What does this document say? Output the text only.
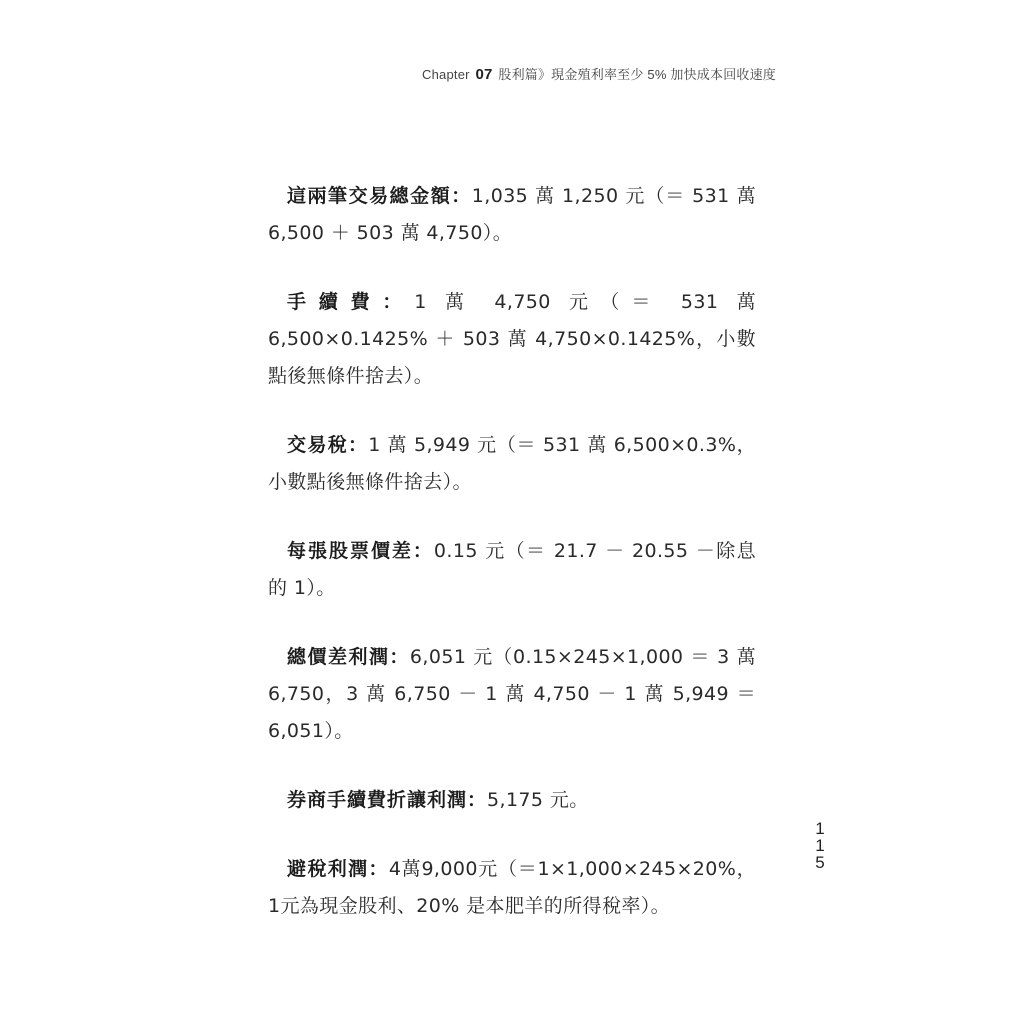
Chapter 07 股利篇》現金殖利率至少 5% 加快成本回收速度

這兩筆交易總金額：1,035 萬 1,250 元（＝ 531 萬 6,500 ＋ 503 萬 4,750）。

手續費：1 萬 4,750 元（＝ 531 萬 6,500×0.1425% ＋ 503 萬 4,750×0.1425%，小數點後無條件捨去）。

交易稅：1 萬 5,949 元（＝ 531 萬 6,500×0.3%，小數點後無條件捨去）。

每張股票價差：0.15 元（＝ 21.7 － 20.55 －除息的 1）。

總價差利潤：6,051 元（0.15×245×1,000 ＝ 3 萬 6,750，3 萬 6,750 － 1 萬 4,750 － 1 萬 5,949 ＝ 6,051）。

券商手續費折讓利潤：5,175 元。

避稅利潤：4萬9,000元（＝1×1,000×245×20%，1元為現金股利、20% 是本肥羊的所得稅率）。

115
